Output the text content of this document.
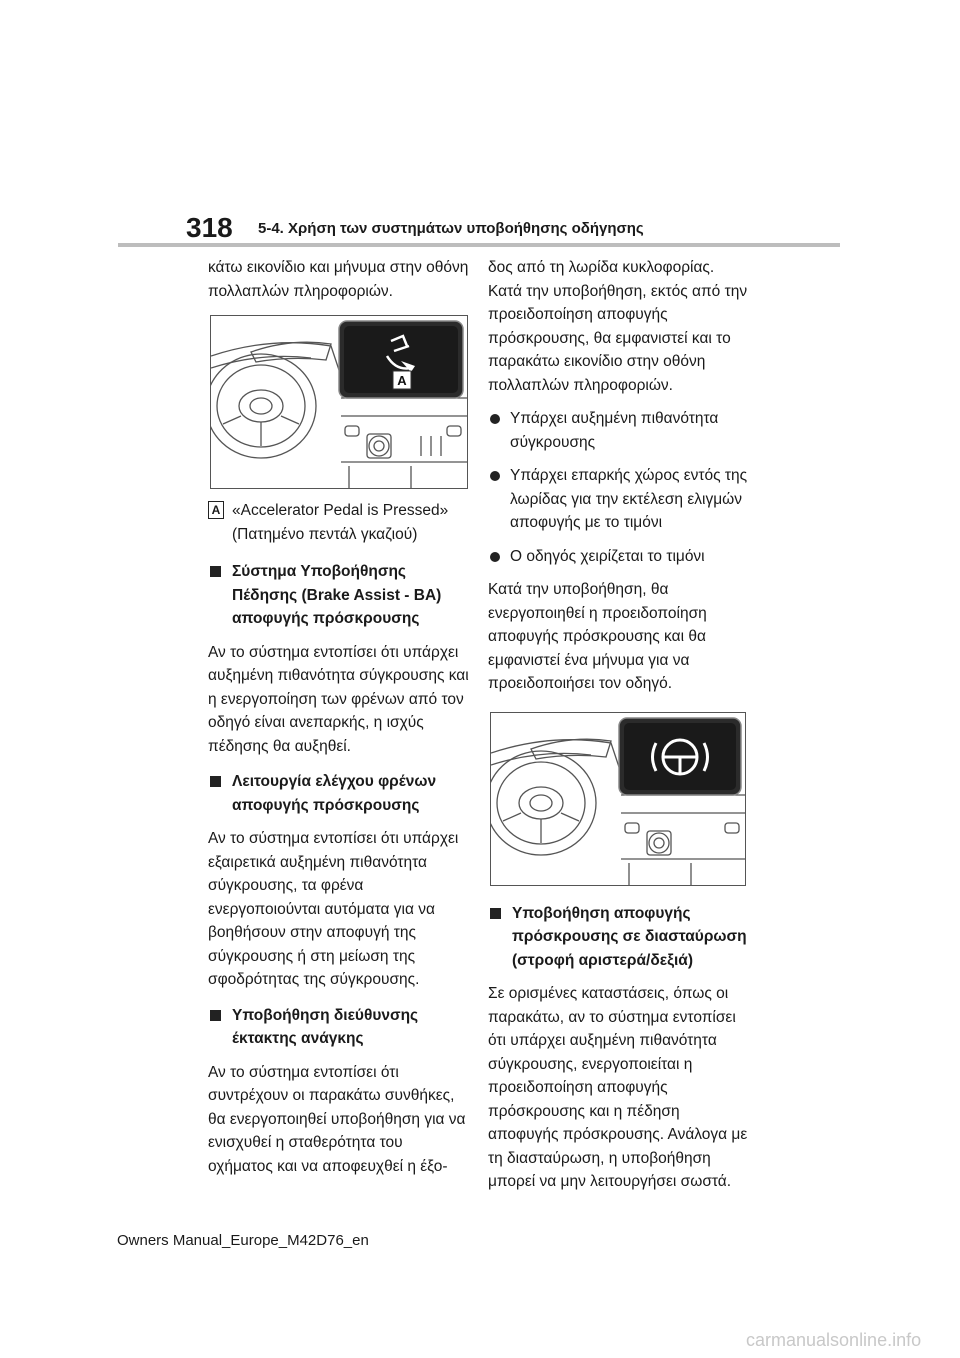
318 5-4. Χρήση των συστημάτων υποβοήθησης οδήγησης

κάτω εικονίδιο και μήνυμα στην οθόνη πολλαπλών πληροφοριών.

A
A «Accelerator Pedal is Pressed»
(Πατημένο πεντάλ γκαζιού)
Σύστημα Υποβοήθησης Πέδησης (Brake Assist - BA) αποφυγής πρόσκρουσης

Αν το σύστημα εντοπίσει ότι υπάρχει αυξημένη πιθανότητα σύγκρουσης και η ενεργοποίηση των φρένων από τον οδηγό είναι ανεπαρκής, η ισχύς πέδησης θα αυξηθεί.

Λειτουργία ελέγχου φρένων αποφυγής πρόσκρουσης

Αν το σύστημα εντοπίσει ότι υπάρχει εξαιρετικά αυξημένη πιθανότητα σύγκρουσης, τα φρένα ενεργοποιούνται αυτόματα για να βοηθήσουν στην αποφυγή της σύγκρουσης ή στη μείωση της σφοδρότητας της σύγκρουσης.

Υποβοήθηση διεύθυνσης έκτακτης ανάγκης

Αν το σύστημα εντοπίσει ότι συντρέχουν οι παρακάτω συνθήκες, θα ενεργοποιηθεί υποβοήθηση για να ενισχυθεί η σταθερότητα του οχήματος και να αποφευχθεί η έξο-

δος από τη λωρίδα κυκλοφορίας. Κατά την υποβοήθηση, εκτός από την προειδοποίηση αποφυγής πρόσκρουσης, θα εμφανιστεί και το παρακάτω εικονίδιο στην οθόνη πολλαπλών πληροφοριών.

Υπάρχει αυξημένη πιθανότητα σύγκρουσης
Υπάρχει επαρκής χώρος εντός της λωρίδας για την εκτέλεση ελιγμών αποφυγής με το τιμόνι
Ο οδηγός χειρίζεται το τιμόνι

Κατά την υποβοήθηση, θα ενεργοποιηθεί η προειδοποίηση αποφυγής πρόσκρουσης και θα εμφανιστεί ένα μήνυμα για να προειδοποιήσει τον οδηγό.

Υποβοήθηση αποφυγής πρόσκρουσης σε διασταύρωση (στροφή αριστερά/δεξιά)

Σε ορισμένες καταστάσεις, όπως οι παρακάτω, αν το σύστημα εντοπίσει ότι υπάρχει αυξημένη πιθανότητα σύγκρουσης, ενεργοποιείται η προειδοποίηση αποφυγής πρόσκρουσης και η πέδηση αποφυγής πρόσκρουσης. Ανάλογα με τη διασταύρωση, η υποβοήθηση μπορεί να μην λειτουργήσει σωστά.

Owners Manual_Europe_M42D76_en
carmanualsonline.info
